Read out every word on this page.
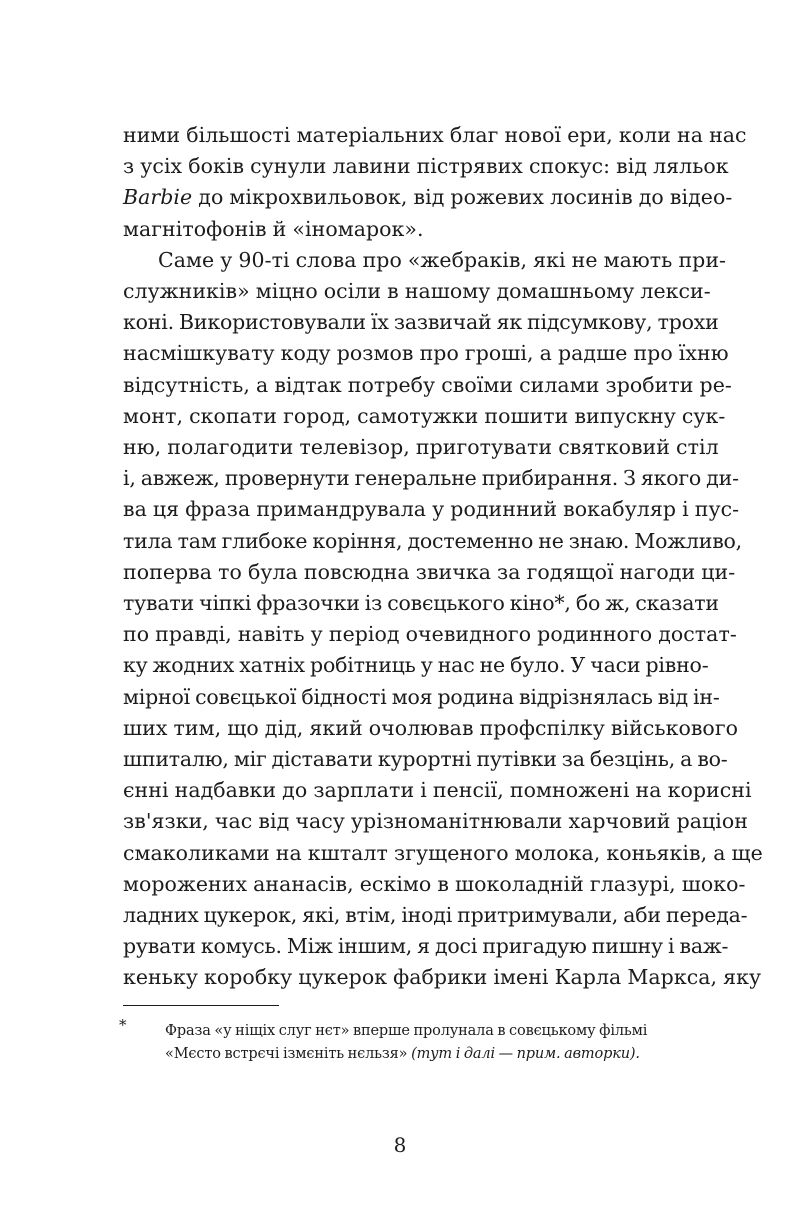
ними більшості матеріальних благ нової ери, коли на нас
з усіх боків сунули лавини пістрявих спокус: від ляльок
Barbie до мікрохвильовок, від рожевих лосинів до відео-
магнітофонів й «іномарок».
Саме у 90-ті слова про «жебраків, які не мають при-
служників» міцно осіли в нашому домашньому лекси-
коні. Використовували їх зазвичай як підсумкову, трохи
насмішкувату коду розмов про гроші, а радше про їхню
відсутність, а відтак потребу своїми силами зробити ре-
монт, скопати город, самотужки пошити випускну сук-
ню, полагодити телевізор, приготувати святковий стіл
і, авжеж, провернути генеральне прибирання. З якого ди-
ва ця фраза примандрувала у родинний вокабуляр і пус-
тила там глибоке коріння, достеменно не знаю. Можливо,
поперва то була повсюдна звичка за годящої нагоди ци-
тувати чіпкі фразочки із совєцького кіно*, бо ж, сказати
по правді, навіть у період очевидного родинного достат-
ку жодних хатніх робітниць у нас не було. У часи рівно-
мірної совєцької бідності моя родина відрізнялась від ін-
ших тим, що дід, який очолював профспілку військового
шпиталю, міг діставати курортні путівки за безцінь, а во-
єнні надбавки до зарплати і пенсії, помножені на корисні
зв'язки, час від часу урізноманітнювали харчовий раціон
смаколиками на кшталт згущеного молока, коньяків, а ще
морожених ананасів, ескімо в шоколадній глазурі, шоко-
ладних цукерок, які, втім, іноді притримували, аби переда-
*	Фраза «у ніщіх слуг нєт» вперше пролунала в совєцькому фільмі
«Мєсто встрєчі ізмєніть нєльзя» (тут і далі — прим. авторки).
8
рувати комусь. Між іншим, я досі пригадую пишну і важ-
кеньку коробку цукерок фабрики імені Карла Маркса, яку
